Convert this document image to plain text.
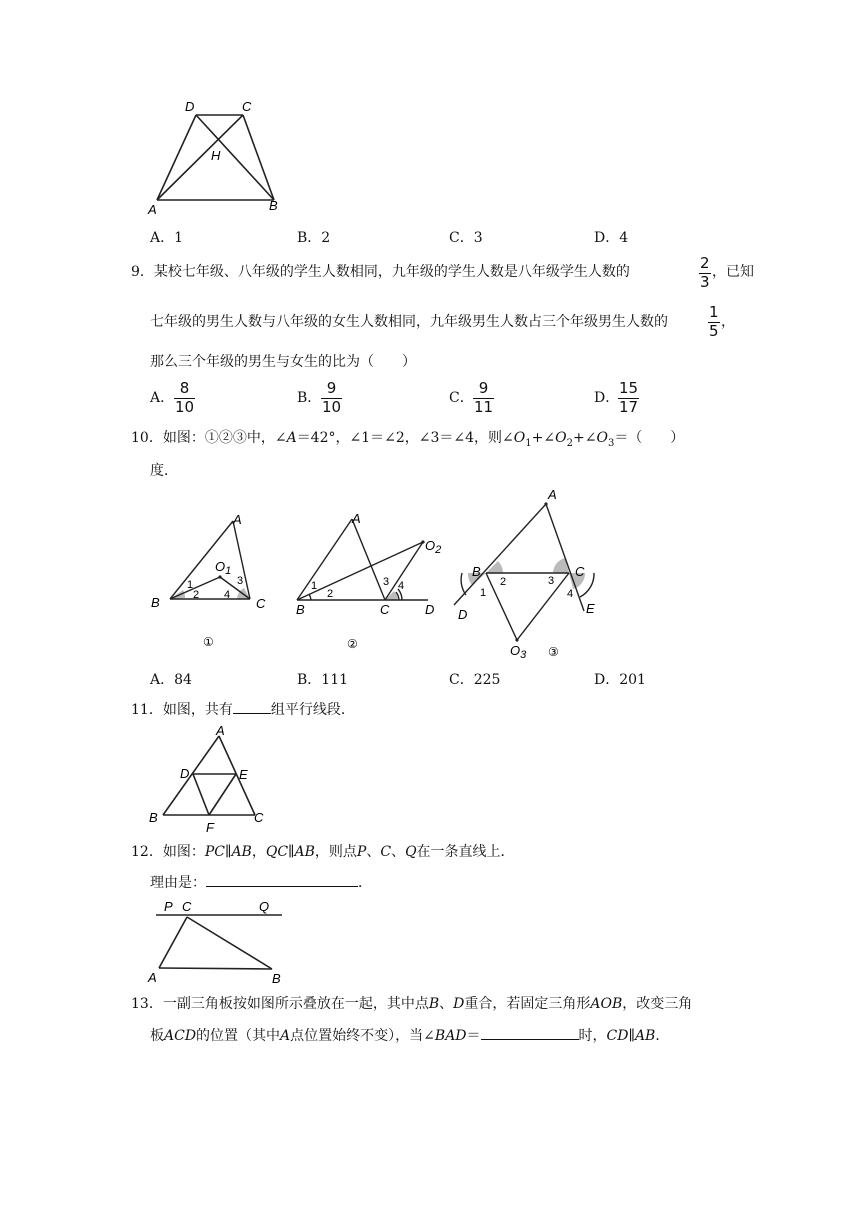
D	C
H
A	B
A．1	B．2	C．3	D．4
9．某校七年级、八年级的学生人数相同，九年级的学生人数是八年级学生人数的	2
3
，已知
七年级的男生人数与八年级的女生人数相同，九年级男生人数占三个年级男生人数的
1
5 ，
那么三个年级的男生与女生的比为（　　）
A．
8
10	B．
9
10	C．
9
11	D．
15
17
10．如图：①②③中，∠A＝42°，∠1＝∠2，∠3＝∠4，则$\angle O_1+\angle O_2+\angle O_3=$（　　）
度．
A
B	C
$O_1$
1
2
3
4
①
A
B	C	D
$O_2$
1
2
3 4
②
A
B	C
D	E
$O_3$
1
2	3
4
③
A．84	B．111	C．225	D．201
11．如图，共有	组平行线段．
A
B	C
D	E
F
12．如图：PC∥AB，QC∥AB，则点P、C、Q在一条直线上．
理由是：	．
P C	Q
A	B
13．一副三角板按如图所示叠放在一起，其中点B、D重合，若固定三角形AOB，改变三角
板ACD的位置（其中A点位置始终不变），当∠BAD＝	时，CD∥AB．
